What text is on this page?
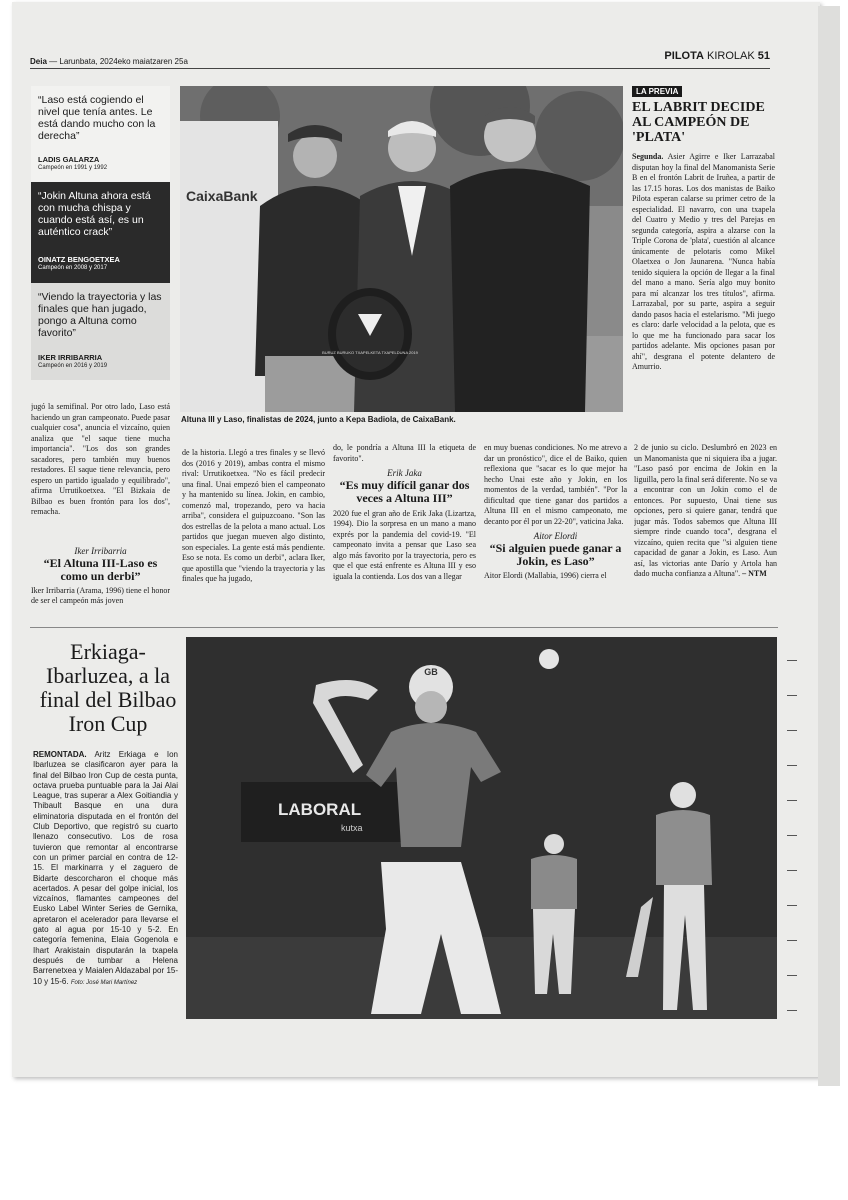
Deia — Larunbata, 2024eko maiatzaren 25a	PILOTA KIROLAK 51
“Laso está cogiendo el nivel que tenía antes. Le está dando mucho con la derecha”
LADIS GALARZA
Campeón en 1991 y 1992
“Jokin Altuna ahora está con mucha chispa y cuando está así, es un auténtico crack”
OINATZ BENGOETXEA
Campeón en 2008 y 2017
“Viendo la trayectoria y las finales que han jugado, pongo a Altuna como favorito”
IKER IRRIBARRIA
Campeón en 2016 y 2019
CaixaBank
BURUZ BURUKO TXAPELKETA TXAPELDUNA 2019
Altuna III y Laso, finalistas de 2024, junto a Kepa Badiola, de CaixaBank.
LA PREVIA
EL LABRIT DECIDE AL CAMPEÓN DE 'PLATA'
Segunda. Asier Agirre e Iker Larrazabal disputan hoy la final del Manomanista Serie B en el frontón Labrit de Iruñea, a partir de las 17.15 horas. Los dos manistas de Baiko Pilota esperan calarse su primer cetro de la especialidad. El navarro, con una txapela del Cuatro y Medio y tres del Parejas en segunda categoría, aspira a alzarse con la Triple Corona de 'plata', cuestión al alcance únicamente de pelotaris como Mikel Olaetxea o Jon Jaunarena. "Nunca había tenido siquiera la opción de llegar a la final del mano a mano. Sería algo muy bonito para mí alcanzar los tres títulos", afirma. Larrazabal, por su parte, aspira a seguir dando pasos hacia el estelarismo. "Mi juego es claro: darle velocidad a la pelota, que es lo que me ha funcionado para sacar los partidos adelante. Mis opciones pasan por ahí", desgrana el potente delantero de Amurrio.
jugó la semifinal. Por otro lado, Laso está haciendo un gran campeonato. Puede pasar cualquier cosa", anuncia el vizcaíno, quien analiza que "el saque tiene mucha importancia". "Los dos son grandes sacadores, pero también muy buenos restadores. El saque tiene relevancia, pero espero un partido igualado y equilibrado", afirma Urrutikoetxea. "El Bizkaia de Bilbao es buen frontón para los dos", remacha.
Iker Irribarria
“El Altuna III-Laso es como un derbi”
Iker Irribarria (Arama, 1996) tiene el honor de ser el campeón más joven
de la historia. Llegó a tres finales y se llevó dos (2016 y 2019), ambas contra el mismo rival: Urrutikoetxea. "No es fácil predecir una final. Unai empezó bien el campeonato y ha mantenido su línea. Jokin, en cambio, comenzó mal, tropezando, pero va hacia arriba", considera el guipuzcoano. "Son las dos estrellas de la pelota a mano actual. Los partidos que juegan mueven algo distinto, son especiales. La gente está más pendiente. Eso se nota. Es como un derbi", aclara Iker, que apostilla que "viendo la trayectoria y las finales que ha jugado,
do, le pondría a Altuna III la etiqueta de favorito".
Erik Jaka
“Es muy difícil ganar dos veces a Altuna III”
2020 fue el gran año de Erik Jaka (Lizartza, 1994). Dio la sorpresa en un mano a mano exprés por la pandemia del covid-19. "El campeonato invita a pensar que Laso sea algo más favorito por la trayectoria, pero es que el que está enfrente es Altuna III y eso iguala la contienda. Los dos van a llegar
en muy buenas condiciones. No me atrevo a dar un pronóstico", dice el de Baiko, quien reflexiona que "sacar es lo que mejor ha hecho Unai este año y Jokin, en los momentos de la verdad, también". "Por la dificultad que tiene ganar dos partidos a Altuna III en el mismo campeonato, me decanto por él por un 22-20", vaticina Jaka.
Aitor Elordi
“Si alguien puede ganar a Jokin, es Laso”
Aitor Elordi (Mallabia, 1996) cierra el
2 de junio su ciclo. Deslumbró en 2023 en un Manomanista que ni siquiera iba a jugar. "Laso pasó por encima de Jokin en la liguilla, pero la final será diferente. No se va a encontrar con un Jokin como el de entonces. Por supuesto, Unai tiene sus opciones, pero si quiere ganar, tendrá que jugar más. Todos sabemos que Altuna III siempre rinde cuando toca", desgrana el vizcaíno, quien recita que "si alguien tiene capacidad de ganar a Jokin, es Laso. Aun así, las victorias ante Darío y Artola han dado mucha confianza a Altuna". – NTM
Erkiaga-Ibarluzea, a la final del Bilbao Iron Cup
REMONTADA. Aritz Erkiaga e Ion Ibarluzea se clasificaron ayer para la final del Bilbao Iron Cup de cesta punta, octava prueba puntuable para la Jai Alai League, tras superar a Alex Goitiandia y Thibault Basque en una dura eliminatoria disputada en el frontón del Club Deportivo, que registró su cuarto llenazo consecutivo. Los de rosa tuvieron que remontar al encontrarse con un primer parcial en contra de 12-15. El markinarra y el zaguero de Bidarte descorcharon el choque más acertados. A pesar del golpe inicial, los vizcaínos, flamantes campeones del Eusko Label Winter Series de Gernika, apretaron el acelerador para llevarse el gato al agua por 15-10 y 5-2. En categoría femenina, Elaia Gogenola e Ihart Arakistain disputarán la txapela después de tumbar a Helena Barrenetxea y Maialen Aldazabal por 15-10 y 15-6. Foto: José Mari Martínez
LABORAL
kutxa
GB
